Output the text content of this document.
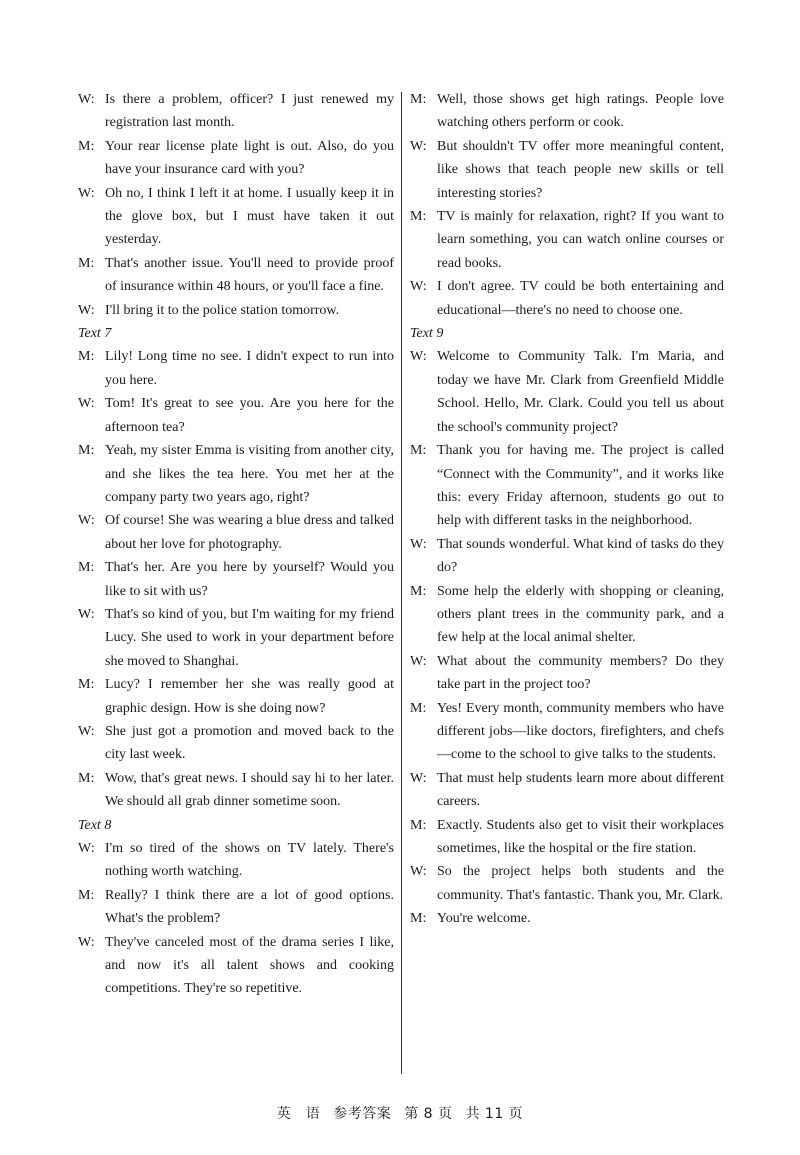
W: Is there a problem, officer? I just renewed my registration last month.
M: Your rear license plate light is out. Also, do you have your insurance card with you?
W: Oh no, I think I left it at home. I usually keep it in the glove box, but I must have taken it out yesterday.
M: That's another issue. You'll need to provide proof of insurance within 48 hours, or you'll face a fine.
W: I'll bring it to the police station tomorrow.
Text 7
M: Lily! Long time no see. I didn't expect to run into you here.
W: Tom! It's great to see you. Are you here for the afternoon tea?
M: Yeah, my sister Emma is visiting from another city, and she likes the tea here. You met her at the company party two years ago, right?
W: Of course! She was wearing a blue dress and talked about her love for photography.
M: That's her. Are you here by yourself? Would you like to sit with us?
W: That's so kind of you, but I'm waiting for my friend Lucy. She used to work in your department before she moved to Shanghai.
M: Lucy? I remember her she was really good at graphic design. How is she doing now?
W: She just got a promotion and moved back to the city last week.
M: Wow, that's great news. I should say hi to her later. We should all grab dinner sometime soon.
Text 8
W: I'm so tired of the shows on TV lately. There's nothing worth watching.
M: Really? I think there are a lot of good options. What's the problem?
W: They've canceled most of the drama series I like, and now it's all talent shows and cooking competitions. They're so repetitive.
M: Well, those shows get high ratings. People love watching others perform or cook.
W: But shouldn't TV offer more meaningful content, like shows that teach people new skills or tell interesting stories?
M: TV is mainly for relaxation, right? If you want to learn something, you can watch online courses or read books.
W: I don't agree. TV could be both entertaining and educational—there's no need to choose one.
Text 9
W: Welcome to Community Talk. I'm Maria, and today we have Mr. Clark from Greenfield Middle School. Hello, Mr. Clark. Could you tell us about the school's community project?
M: Thank you for having me. The project is called “Connect with the Community”, and it works like this: every Friday afternoon, students go out to help with different tasks in the neighborhood.
W: That sounds wonderful. What kind of tasks do they do?
M: Some help the elderly with shopping or cleaning, others plant trees in the community park, and a few help at the local animal shelter.
W: What about the community members? Do they take part in the project too?
M: Yes! Every month, community members who have different jobs—like doctors, firefighters, and chefs—come to the school to give talks to the students.
W: That must help students learn more about different careers.
M: Exactly. Students also get to visit their workplaces sometimes, like the hospital or the fire station.
W: So the project helps both students and the community. That's fantastic. Thank you, Mr. Clark.
M: You're welcome.
英　语 参考答案 第 8 页 共 11 页
